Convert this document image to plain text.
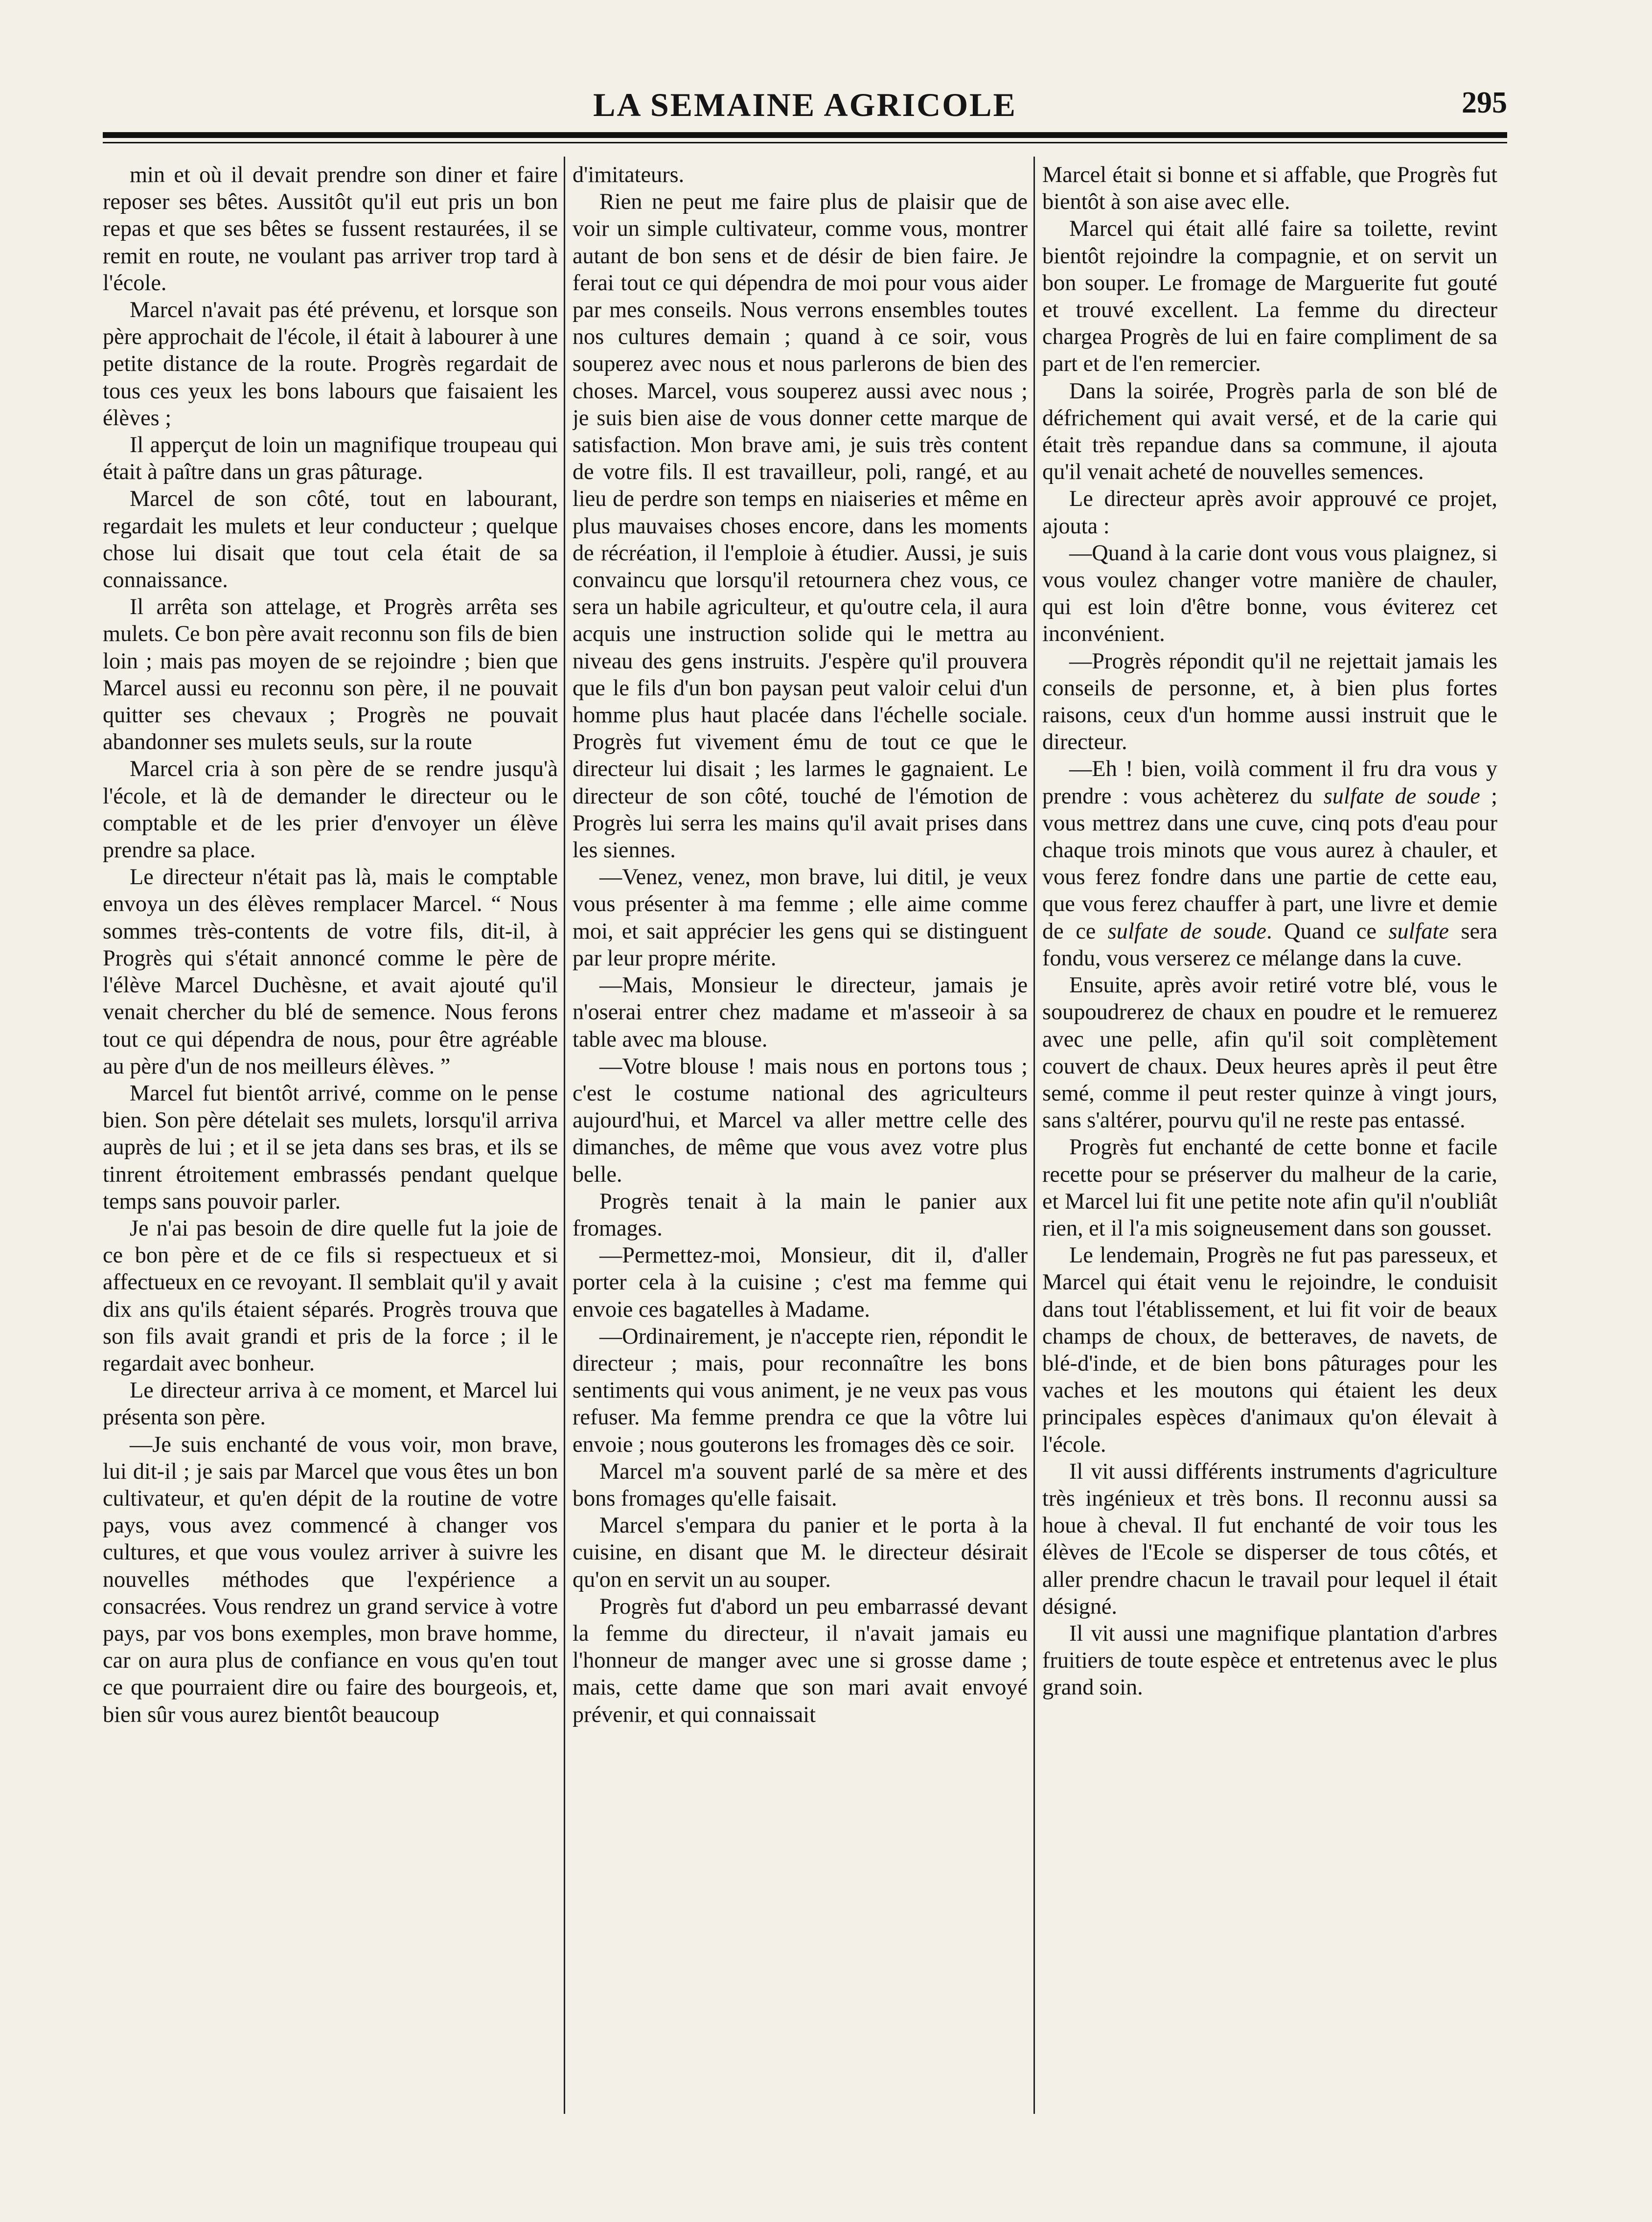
LA SEMAINE AGRICOLE	295

min et où il devait prendre son diner et faire reposer ses bêtes. Aussitôt qu'il eut pris un bon repas et que ses bêtes se fussent restaurées, il se remit en route, ne voulant pas arriver trop tard à l'école.

Marcel n'avait pas été prévenu, et lorsque son père approchait de l'école, il était à labourer à une petite distance de la route. Progrès regardait de tous ces yeux les bons labours que faisaient les élèves ;

Il apperçut de loin un magnifique troupeau qui était à paître dans un gras pâturage.

Marcel de son côté, tout en labourant, regardait les mulets et leur conducteur ; quelque chose lui disait que tout cela était de sa connaissance.

Il arrêta son attelage, et Progrès arrêta ses mulets. Ce bon père avait reconnu son fils de bien loin ; mais pas moyen de se rejoindre ; bien que Marcel aussi eu reconnu son père, il ne pouvait quitter ses chevaux ; Progrès ne pouvait abandonner ses mulets seuls, sur la route

Marcel cria à son père de se rendre jusqu'à l'école, et là de demander le directeur ou le comptable et de les prier d'envoyer un élève prendre sa place.

Le directeur n'était pas là, mais le comptable envoya un des élèves remplacer Marcel. “ Nous sommes très-contents de votre fils, dit-il, à Progrès qui s'était annoncé comme le père de l'élève Marcel Duchèsne, et avait ajouté qu'il venait chercher du blé de semence. Nous ferons tout ce qui dépendra de nous, pour être agréable au père d'un de nos meilleurs élèves. ”

Marcel fut bientôt arrivé, comme on le pense bien. Son père dételait ses mulets, lorsqu'il arriva auprès de lui ; et il se jeta dans ses bras, et ils se tinrent étroitement embrassés pendant quelque temps sans pouvoir parler.

Je n'ai pas besoin de dire quelle fut la joie de ce bon père et de ce fils si respectueux et si affectueux en ce revoyant. Il semblait qu'il y avait dix ans qu'ils étaient séparés. Progrès trouva que son fils avait grandi et pris de la force ; il le regardait avec bonheur.

Le directeur arriva à ce moment, et Marcel lui présenta son père.

—Je suis enchanté de vous voir, mon brave, lui dit-il ; je sais par Marcel que vous êtes un bon cultivateur, et qu'en dépit de la routine de votre pays, vous avez commencé à changer vos cultures, et que vous voulez arriver à suivre les nouvelles méthodes que l'expérience a consacrées. Vous rendrez un grand service à votre pays, par vos bons exemples, mon brave homme, car on aura plus de confiance en vous qu'en tout ce que pourraient dire ou faire des bourgeois, et, bien sûr vous aurez bientôt beaucoup

d'imitateurs.

Rien ne peut me faire plus de plaisir que de voir un simple cultivateur, comme vous, montrer autant de bon sens et de désir de bien faire. Je ferai tout ce qui dépendra de moi pour vous aider par mes conseils. Nous verrons ensembles toutes nos cultures demain ; quand à ce soir, vous souperez avec nous et nous parlerons de bien des choses. Marcel, vous souperez aussi avec nous ; je suis bien aise de vous donner cette marque de satisfaction. Mon brave ami, je suis très content de votre fils. Il est travailleur, poli, rangé, et au lieu de perdre son temps en niaiseries et même en plus mauvaises choses encore, dans les moments de récréation, il l'emploie à étudier. Aussi, je suis convaincu que lorsqu'il retournera chez vous, ce sera un habile agriculteur, et qu'outre cela, il aura acquis une instruction solide qui le mettra au niveau des gens instruits. J'espère qu'il prouvera que le fils d'un bon paysan peut valoir celui d'un homme plus haut placée dans l'échelle sociale. Progrès fut vivement ému de tout ce que le directeur lui disait ; les larmes le gagnaient. Le directeur de son côté, touché de l'émotion de Progrès lui serra les mains qu'il avait prises dans les siennes.

—Venez, venez, mon brave, lui ditil, je veux vous présenter à ma femme ; elle aime comme moi, et sait apprécier les gens qui se distinguent par leur propre mérite.

—Mais, Monsieur le directeur, jamais je n'oserai entrer chez madame et m'asseoir à sa table avec ma blouse.

—Votre blouse ! mais nous en portons tous ; c'est le costume national des agriculteurs aujourd'hui, et Marcel va aller mettre celle des dimanches, de même que vous avez votre plus belle.

Progrès tenait à la main le panier aux fromages.

—Permettez-moi, Monsieur, dit il, d'aller porter cela à la cuisine ; c'est ma femme qui envoie ces bagatelles à Madame.

—Ordinairement, je n'accepte rien, répondit le directeur ; mais, pour reconnaître les bons sentiments qui vous animent, je ne veux pas vous refuser. Ma femme prendra ce que la vôtre lui envoie ; nous gouterons les fromages dès ce soir.

Marcel m'a souvent parlé de sa mère et des bons fromages qu'elle faisait.

Marcel s'empara du panier et le porta à la cuisine, en disant que M. le directeur désirait qu'on en servit un au souper.

Progrès fut d'abord un peu embarrassé devant la femme du directeur, il n'avait jamais eu l'honneur de manger avec une si grosse dame ; mais, cette dame que son mari avait envoyé prévenir, et qui connaissait

Marcel était si bonne et si affable, que Progrès fut bientôt à son aise avec elle.

Marcel qui était allé faire sa toilette, revint bientôt rejoindre la compagnie, et on servit un bon souper. Le fromage de Marguerite fut gouté et trouvé excellent. La femme du directeur chargea Progrès de lui en faire compliment de sa part et de l'en remercier.

Dans la soirée, Progrès parla de son blé de défrichement qui avait versé, et de la carie qui était très repandue dans sa commune, il ajouta qu'il venait acheté de nouvelles semences.

Le directeur après avoir approuvé ce projet, ajouta :

—Quand à la carie dont vous vous plaignez, si vous voulez changer votre manière de chauler, qui est loin d'être bonne, vous éviterez cet inconvénient.

—Progrès répondit qu'il ne rejettait jamais les conseils de personne, et, à bien plus fortes raisons, ceux d'un homme aussi instruit que le directeur.

—Eh ! bien, voilà comment il fru dra vous y prendre : vous achèterez du sulfate de soude ; vous mettrez dans une cuve, cinq pots d'eau pour chaque trois minots que vous aurez à chauler, et vous ferez fondre dans une partie de cette eau, que vous ferez chauffer à part, une livre et demie de ce sulfate de soude. Quand ce sulfate sera fondu, vous verserez ce mélange dans la cuve.

Ensuite, après avoir retiré votre blé, vous le soupoudrerez de chaux en poudre et le remuerez avec une pelle, afin qu'il soit complètement couvert de chaux. Deux heures après il peut être semé, comme il peut rester quinze à vingt jours, sans s'altérer, pourvu qu'il ne reste pas entassé.

Progrès fut enchanté de cette bonne et facile recette pour se préserver du malheur de la carie, et Marcel lui fit une petite note afin qu'il n'oubliât rien, et il l'a mis soigneusement dans son gousset.

Le lendemain, Progrès ne fut pas paresseux, et Marcel qui était venu le rejoindre, le conduisit dans tout l'établissement, et lui fit voir de beaux champs de choux, de betteraves, de navets, de blé-d'inde, et de bien bons pâturages pour les vaches et les moutons qui étaient les deux principales espèces d'animaux qu'on élevait à l'école.

Il vit aussi différents instruments d'agriculture très ingénieux et très bons. Il reconnu aussi sa houe à cheval. Il fut enchanté de voir tous les élèves de l'Ecole se disperser de tous côtés, et aller prendre chacun le travail pour lequel il était désigné.

Il vit aussi une magnifique plantation d'arbres fruitiers de toute espèce et entretenus avec le plus grand soin.
